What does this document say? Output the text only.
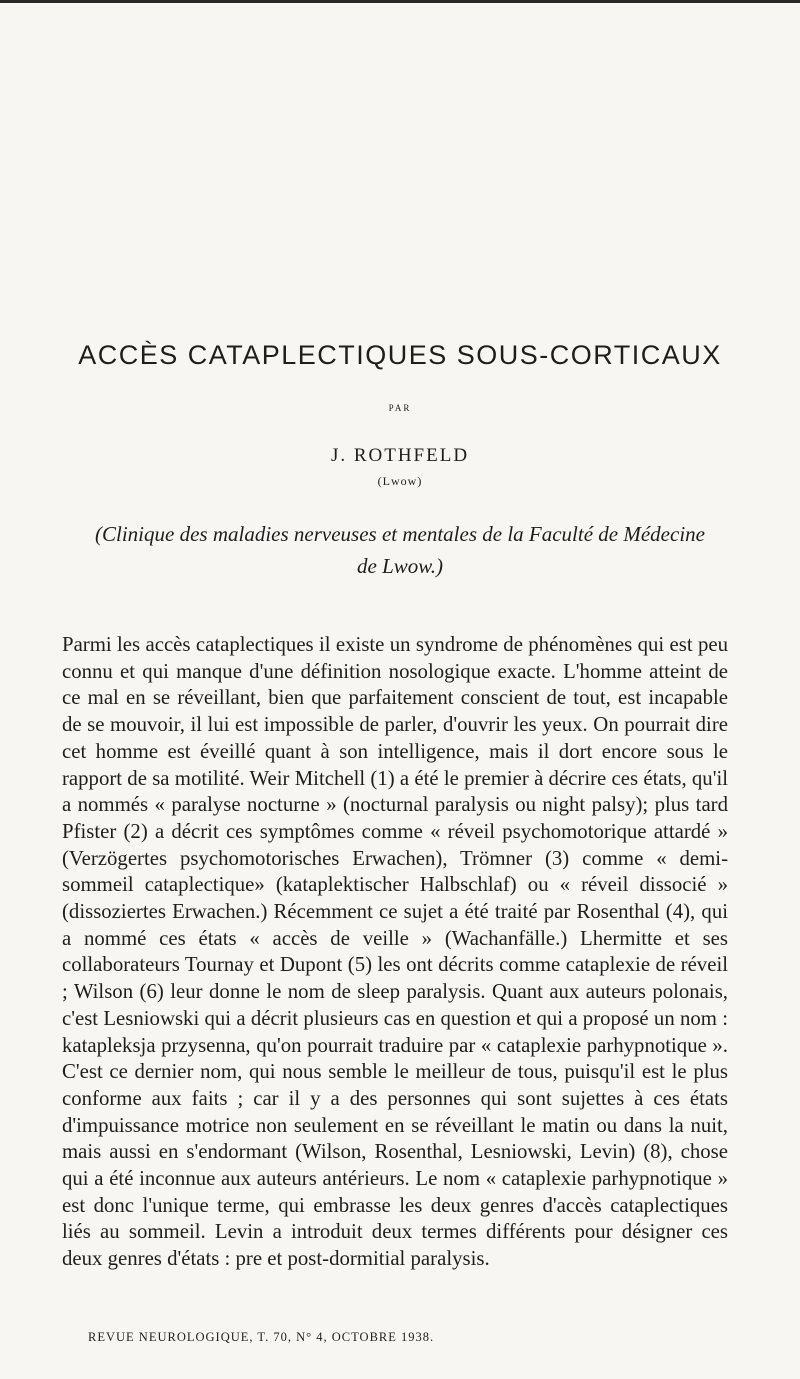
ACCÈS CATAPLECTIQUES SOUS-CORTICAUX
PAR
J. ROTHFELD
(Lwow)
(Clinique des maladies nerveuses et mentales de la Faculté de Médecine
de Lwow.)

Parmi les accès cataplectiques il existe un syndrome de phénomènes qui est peu connu et qui manque d'une définition nosologique exacte. L'homme atteint de ce mal en se réveillant, bien que parfaitement conscient de tout, est incapable de se mouvoir, il lui est impossible de parler, d'ouvrir les yeux. On pourrait dire cet homme est éveillé quant à son intelligence, mais il dort encore sous le rapport de sa motilité. Weir Mitchell (1) a été le premier à décrire ces états, qu'il a nommés « paralyse nocturne » (nocturnal paralysis ou night palsy); plus tard Pfister (2) a décrit ces symptômes comme « réveil psychomotorique attardé » (Verzögertes psychomotorisches Erwachen), Trömner (3) comme « demi-sommeil cataplectique» (kataplektischer Halbschlaf) ou « réveil dissocié » (dissoziertes Erwachen.) Récemment ce sujet a été traité par Rosenthal (4), qui a nommé ces états « accès de veille » (Wachanfälle.) Lhermitte et ses collaborateurs Tournay et Dupont (5) les ont décrits comme cataplexie de réveil ; Wilson (6) leur donne le nom de sleep paralysis. Quant aux auteurs polonais, c'est Lesniowski qui a décrit plusieurs cas en question et qui a proposé un nom : katapleksja przysenna, qu'on pourrait traduire par « cataplexie parhypnotique ». C'est ce dernier nom, qui nous semble le meilleur de tous, puisqu'il est le plus conforme aux faits ; car il y a des personnes qui sont sujettes à ces états d'impuissance motrice non seulement en se réveillant le matin ou dans la nuit, mais aussi en s'endormant (Wilson, Rosenthal, Lesniowski, Levin) (8), chose qui a été inconnue aux auteurs antérieurs. Le nom « cataplexie parhypnotique » est donc l'unique terme, qui embrasse les deux genres d'accès cataplectiques liés au sommeil. Levin a introduit deux termes différents pour désigner ces deux genres d'états : pre et post-dormitial paralysis.

REVUE NEUROLOGIQUE, T. 70, N° 4, OCTOBRE 1938.
